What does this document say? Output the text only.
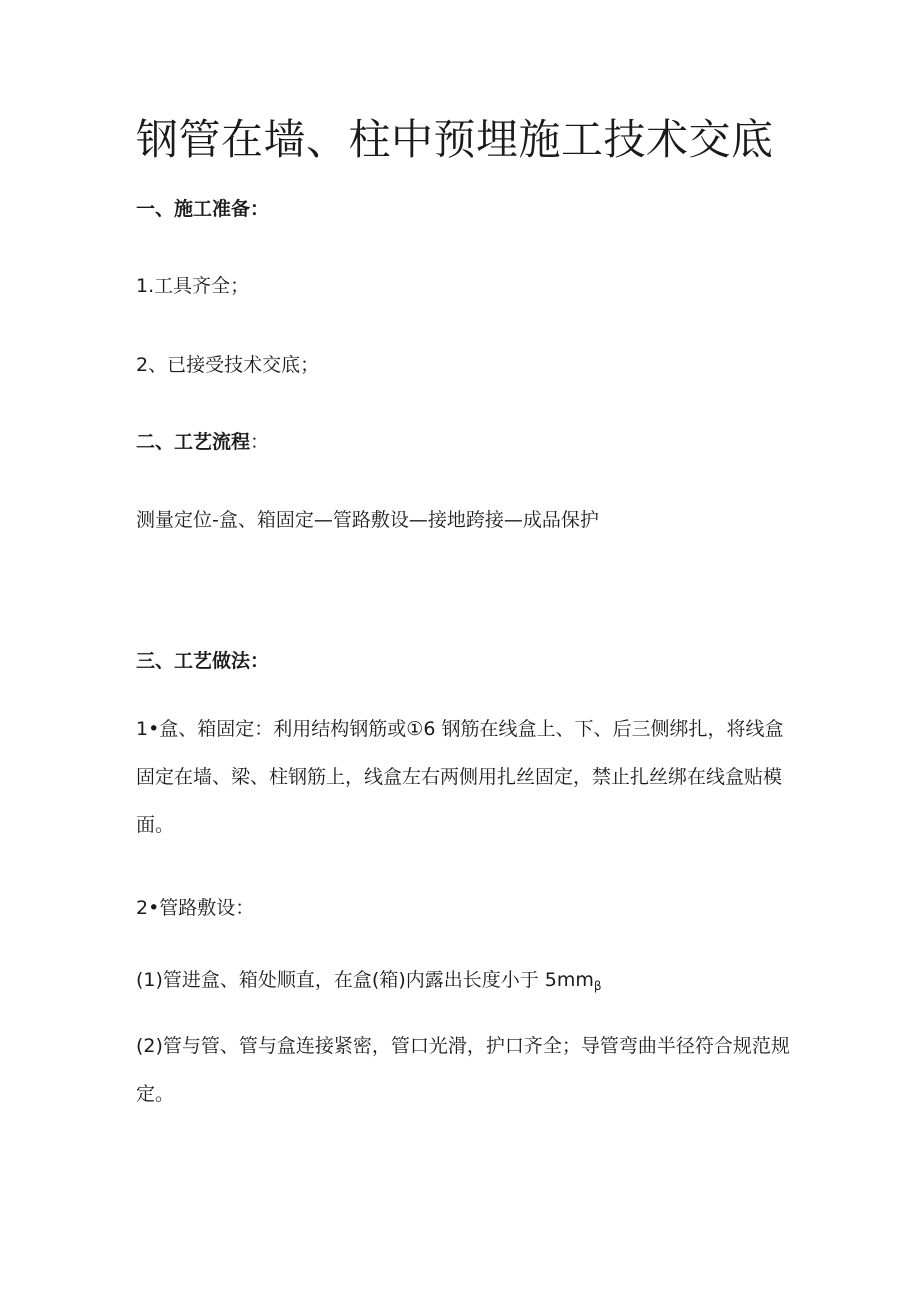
钢管在墙、柱中预埋施工技术交底

一、施工准备：

1.工具齐全；

2、已接受技术交底；

二、工艺流程：

测量定位-盒、箱固定—管路敷设—接地跨接—成品保护

三、工艺做法：

1•盒、箱固定：利用结构钢筋或①6 钢筋在线盒上、下、后三侧绑扎，将线盒固定在墙、梁、柱钢筋上，线盒左右两侧用扎丝固定，禁止扎丝绑在线盒贴模面。

2•管路敷设：

(1)管进盒、箱处顺直，在盒(箱)内露出长度小于 $5mm_\beta$

(2)管与管、管与盒连接紧密，管口光滑，护口齐全；导管弯曲半径符合规范规定。
